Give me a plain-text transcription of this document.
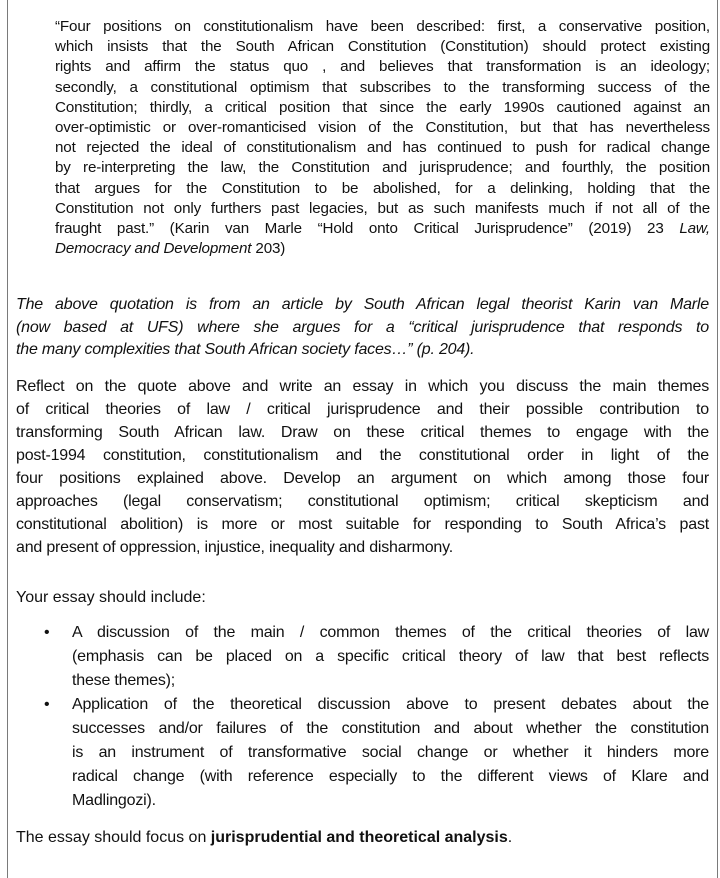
“Four positions on constitutionalism have been described: first, a conservative position,
which insists that the South African Constitution (Constitution) should protect existing
rights and affirm the status quo , and believes that transformation is an ideology;
secondly, a constitutional optimism that subscribes to the transforming success of the
Constitution; thirdly, a critical position that since the early 1990s cautioned against an
over-optimistic or over-romanticised vision of the Constitution, but that has nevertheless
not rejected the ideal of constitutionalism and has continued to push for radical change
by re-interpreting the law, the Constitution and jurisprudence; and fourthly, the position
that argues for the Constitution to be abolished, for a delinking, holding that the
Constitution not only furthers past legacies, but as such manifests much if not all of the
fraught past.” (Karin van Marle “Hold onto Critical Jurisprudence” (2019) 23 Law,
Democracy and Development 203)
The above quotation is from an article by South African legal theorist Karin van Marle
(now based at UFS) where she argues for a “critical jurisprudence that responds to
the many complexities that South African society faces…” (p. 204).
Reflect on the quote above and write an essay in which you discuss the main themes
of critical theories of law / critical jurisprudence and their possible contribution to
transforming South African law. Draw on these critical themes to engage with the
post-1994 constitution, constitutionalism and the constitutional order in light of the
four positions explained above. Develop an argument on which among those four
approaches (legal conservatism; constitutional optimism; critical skepticism and
constitutional abolition) is more or most suitable for responding to South Africa’s past
and present of oppression, injustice, inequality and disharmony.
Your essay should include:
• A discussion of the main / common themes of the critical theories of law
(emphasis can be placed on a specific critical theory of law that best reflects
these themes);
• Application of the theoretical discussion above to present debates about the
successes and/or failures of the constitution and about whether the constitution
is an instrument of transformative social change or whether it hinders more
radical change (with reference especially to the different views of Klare and
Madlingozi).
The essay should focus on jurisprudential and theoretical analysis.
